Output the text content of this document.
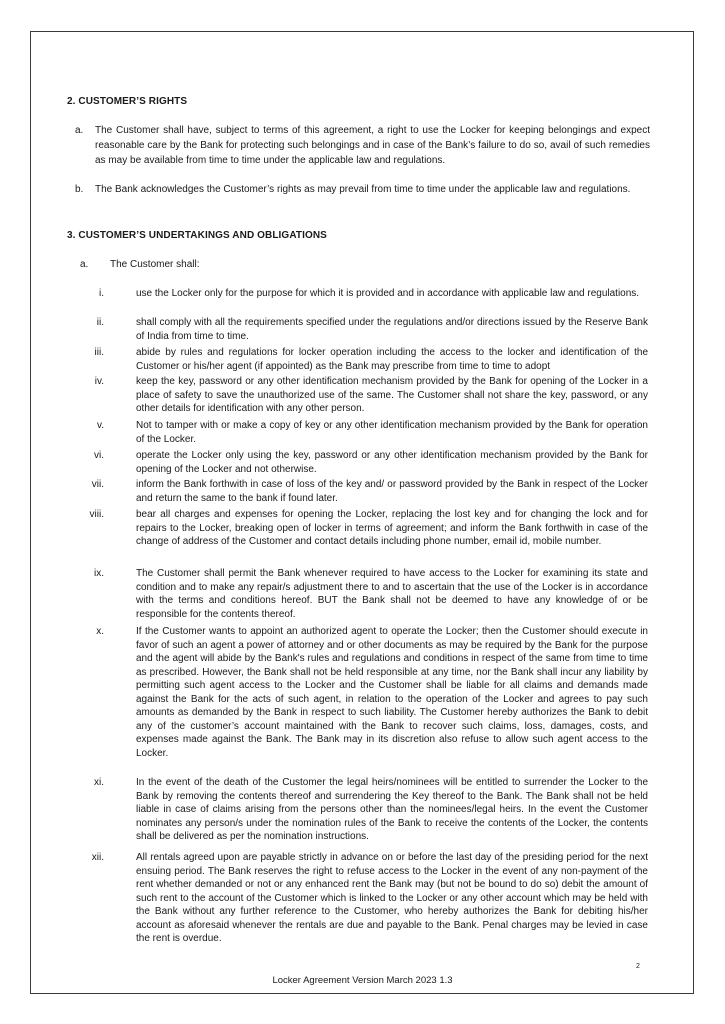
2. CUSTOMER’S RIGHTS
a. The Customer shall have, subject to terms of this agreement, a right to use the Locker for keeping belongings and expect reasonable care by the Bank for protecting such belongings and in case of the Bank’s failure to do so, avail of such remedies as may be available from time to time under the applicable law and regulations.
b. The Bank acknowledges the Customer’s rights as may prevail from time to time under the applicable law and regulations.
3. CUSTOMER’S UNDERTAKINGS AND OBLIGATIONS
a. The Customer shall:
i.	use the Locker only for the purpose for which it is provided and in accordance with applicable law and regulations.
ii.	shall comply with all the requirements specified under the regulations and/or directions issued by the Reserve Bank of India from time to time.
iii.	abide by rules and regulations for locker operation including the access to the locker and identification of the Customer or his/her agent (if appointed) as the Bank may prescribe from time to time to adopt
iv.	keep the key, password or any other identification mechanism provided by the Bank for opening of the Locker in a place of safety to save the unauthorized use of the same. The Customer shall not share the key, password, or any other details for identification with any other person.
v.	Not to tamper with or make a copy of key or any other identification mechanism provided by the Bank for operation of the Locker.
vi.	operate the Locker only using the key, password or any other identification mechanism provided by the Bank for opening of the Locker and not otherwise.
vii.	inform the Bank forthwith in case of loss of the key and/ or password provided by the Bank in respect of the Locker and return the same to the bank if found later.
viii.	bear all charges and expenses for opening the Locker, replacing the lost key and for changing the lock and for repairs to the Locker, breaking open of locker in terms of agreement; and inform the Bank forthwith in case of the change of address of the Customer and contact details including phone number, email id, mobile number.
ix.	The Customer shall permit the Bank whenever required to have access to the Locker for examining its state and condition and to make any repair/s adjustment there to and to ascertain that the use of the Locker is in accordance with the terms and conditions hereof. BUT the Bank shall not be deemed to have any knowledge of or be responsible for the contents thereof.
x.	If the Customer wants to appoint an authorized agent to operate the Locker; then the Customer should execute in favor of such an agent a power of attorney and or other documents as may be required by the Bank for the purpose and the agent will abide by the Bank's rules and regulations and conditions in respect of the same from time to time as prescribed. However, the Bank shall not be held responsible at any time, nor the Bank shall incur any liability by permitting such agent access to the Locker and the Customer shall be liable for all claims and demands made against the Bank for the acts of such agent, in relation to the operation of the Locker and agrees to pay such amounts as demanded by the Bank in respect to such liability. The Customer hereby authorizes the Bank to debit any of the customer’s account maintained with the Bank to recover such claims, loss, damages, costs, and expenses made against the Bank. The Bank may in its discretion also refuse to allow such agent access to the Locker.
xi.	In the event of the death of the Customer the legal heirs/nominees will be entitled to surrender the Locker to the Bank by removing the contents thereof and surrendering the Key thereof to the Bank. The Bank shall not be held liable in case of claims arising from the persons other than the nominees/legal heirs. In the event the Customer nominates any person/s under the nomination rules of the Bank to receive the contents of the Locker, the contents shall be delivered as per the nomination instructions.
xii.	All rentals agreed upon are payable strictly in advance on or before the last day of the presiding period for the next ensuing period. The Bank reserves the right to refuse access to the Locker in the event of any non-payment of the rent whether demanded or not or any enhanced rent the Bank may (but not be bound to do so) debit the amount of such rent to the account of the Customer which is linked to the Locker or any other account which may be held with the Bank without any further reference to the Customer, who hereby authorizes the Bank for debiting his/her account as aforesaid whenever the rentals are due and payable to the Bank. Penal charges may be levied in case the rent is overdue.
Locker Agreement Version March 2023 1.3
2
